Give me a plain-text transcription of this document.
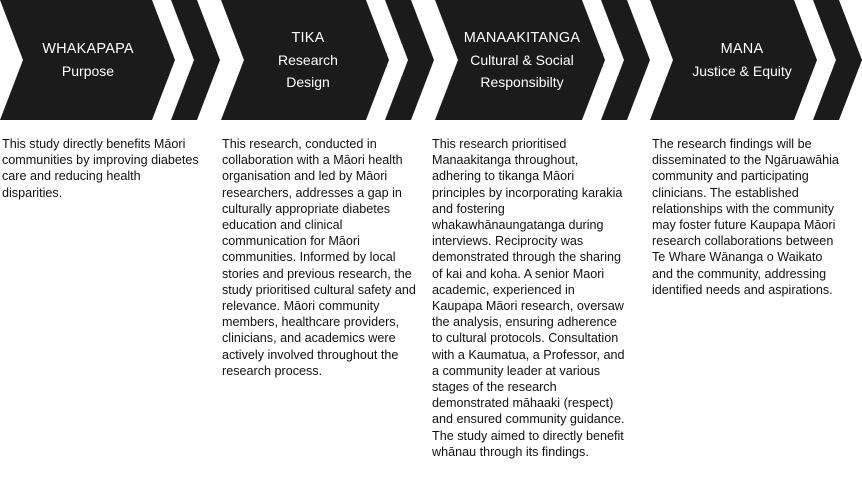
WHAKAPAPA
Purpose
TIKA
Research Design
MANAAKITANGA
Cultural & Social Responsibilty
MANA
Justice & Equity

This study directly benefits Māori communities by improving diabetes care and reducing health disparities.

This research, conducted in collaboration with a Māori health organisation and led by Māori researchers, addresses a gap in culturally appropriate diabetes education and clinical communication for Māori communities. Informed by local stories and previous research, the study prioritised cultural safety and relevance. Māori community members, healthcare providers, clinicians, and academics were actively involved throughout the research process.

This research prioritised Manaakitanga throughout, adhering to tikanga Māori principles by incorporating karakia and fostering whakawhānaungatanga during interviews. Reciprocity was demonstrated through the sharing of kai and koha. A senior Maori academic, experienced in Kaupapa Māori research, oversaw the analysis, ensuring adherence to cultural protocols. Consultation with a Kaumatua, a Professor, and a community leader at various stages of the research demonstrated māhaaki (respect) and ensured community guidance. The study aimed to directly benefit whānau through its findings.

The research findings will be disseminated to the Ngāruawāhia community and participating clinicians. The established relationships with the community may foster future Kaupapa Māori research collaborations between Te Whare Wānanga o Waikato and the community, addressing identified needs and aspirations.
